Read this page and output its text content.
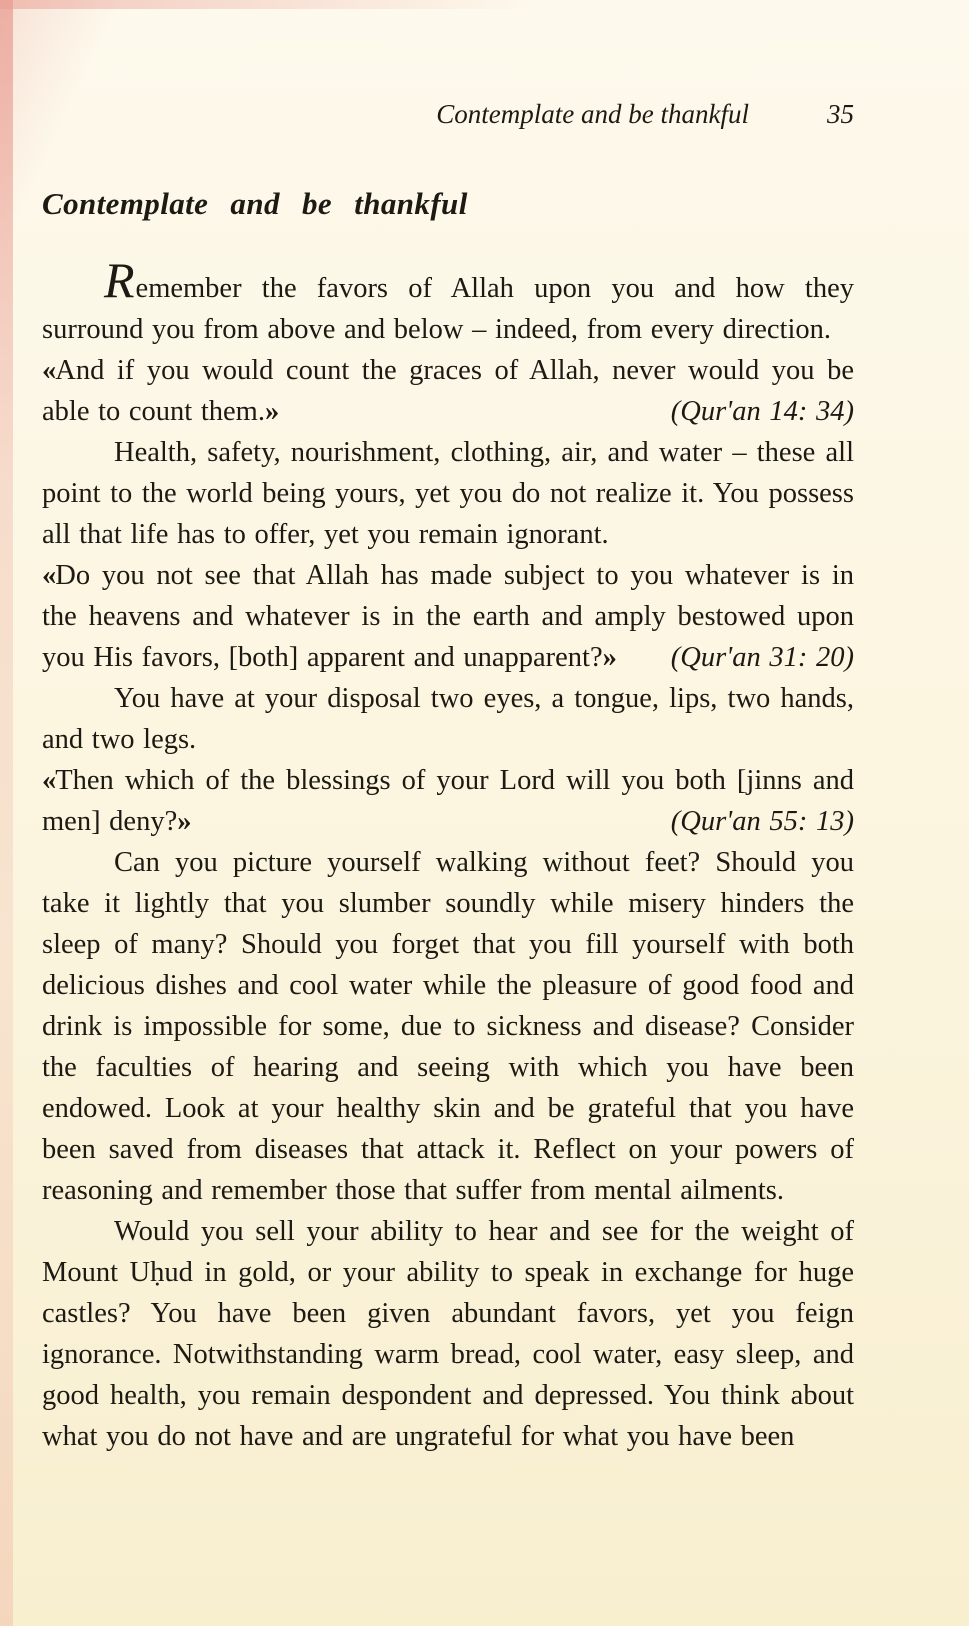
Contemplate and be thankful	35
Contemplate and be thankful

Remember the favors of Allah upon you and how they surround you from above and below – indeed, from every direction.

«And if you would count the graces of Allah, never would you be able to count them.»	(Qur'an 14: 34)

Health, safety, nourishment, clothing, air, and water – these all point to the world being yours, yet you do not realize it. You possess all that life has to offer, yet you remain ignorant.

«Do you not see that Allah has made subject to you whatever is in the heavens and whatever is in the earth and amply bestowed upon you His favors, [both] apparent and unapparent?» (Qur'an 31: 20)

You have at your disposal two eyes, a tongue, lips, two hands, and two legs.

«Then which of the blessings of your Lord will you both [jinns and men] deny?»	(Qur'an 55: 13)

Can you picture yourself walking without feet? Should you take it lightly that you slumber soundly while misery hinders the sleep of many? Should you forget that you fill yourself with both delicious dishes and cool water while the pleasure of good food and drink is impossible for some, due to sickness and disease? Consider the faculties of hearing and seeing with which you have been endowed. Look at your healthy skin and be grateful that you have been saved from diseases that attack it. Reflect on your powers of reasoning and remember those that suffer from mental ailments.

Would you sell your ability to hear and see for the weight of Mount Uḥud in gold, or your ability to speak in exchange for huge castles? You have been given abundant favors, yet you feign ignorance. Notwithstanding warm bread, cool water, easy sleep, and good health, you remain despondent and depressed. You think about what you do not have and are ungrateful for what you have been
